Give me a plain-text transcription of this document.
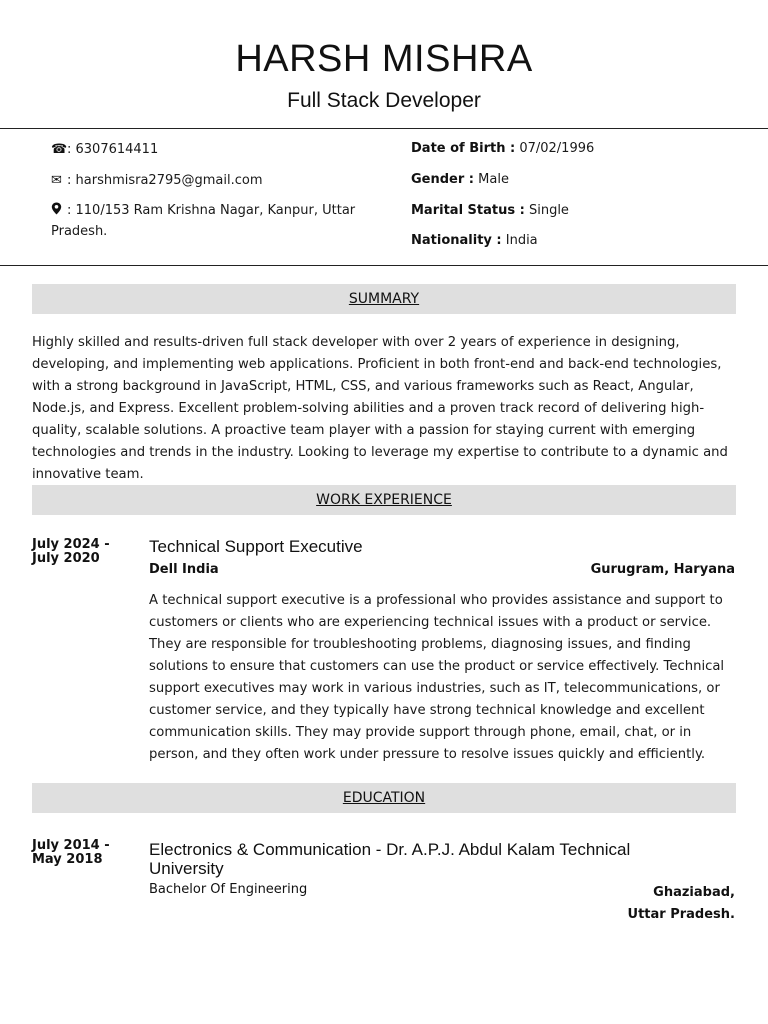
HARSH MISHRA
Full Stack Developer
☎: 6307614411
✉ : harshmisra2795@gmail.com
: 110/153 Ram Krishna Nagar, Kanpur, Uttar Pradesh.
Date of Birth : 07/02/1996
Gender : Male
Marital Status : Single
Nationality : India
SUMMARY
Highly skilled and results-driven full stack developer with over 2 years of experience in designing, developing, and implementing web applications. Proficient in both front-end and back-end technologies, with a strong background in JavaScript, HTML, CSS, and various frameworks such as React, Angular, Node.js, and Express. Excellent problem-solving abilities and a proven track record of delivering high-quality, scalable solutions. A proactive team player with a passion for staying current with emerging technologies and trends in the industry. Looking to leverage my expertise to contribute to a dynamic and innovative team.
WORK EXPERIENCE
July 2024 -
July 2020
Technical Support Executive
Dell India	Gurugram, Haryana
A technical support executive is a professional who provides assistance and support to customers or clients who are experiencing technical issues with a product or service. They are responsible for troubleshooting problems, diagnosing issues, and finding solutions to ensure that customers can use the product or service effectively. Technical support executives may work in various industries, such as IT, telecommunications, or customer service, and they typically have strong technical knowledge and excellent communication skills. They may provide support through phone, email, chat, or in person, and they often work under pressure to resolve issues quickly and efficiently.
EDUCATION
July 2014 -
May 2018
Electronics & Communication - Dr. A.P.J. Abdul Kalam Technical University
Bachelor Of Engineering	Ghaziabad, Uttar Pradesh.
